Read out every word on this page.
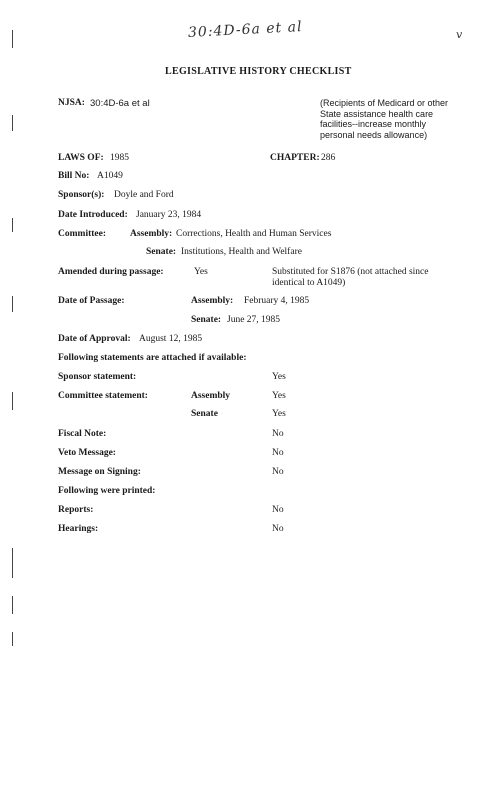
30:4D-6a et al	v
LEGISLATIVE HISTORY CHECKLIST
NJSA: 30:4D-6a et al	(Recipients of Medicard or other State assistance health care facilities--increase monthly personal needs allowance)
LAWS OF: 1985	CHAPTER: 286
Bill No: A1049
Sponsor(s): Doyle and Ford
Date Introduced: January 23, 1984
Committee:	Assembly: Corrections, Health and Human Services
Senate: Institutions, Health and Welfare
Amended during passage:	Yes	Substituted for S1876 (not attached since identical to A1049)
Date of Passage:	Assembly: February 4, 1985
Senate: June 27, 1985
Date of Approval: August 12, 1985
Following statements are attached if available:
Sponsor statement:	Yes
Committee statement:	Assembly	Yes
Senate	Yes
Fiscal Note:	No
Veto Message:	No
Message on Signing:	No
Following were printed:
Reports:	No
Hearings:	No
